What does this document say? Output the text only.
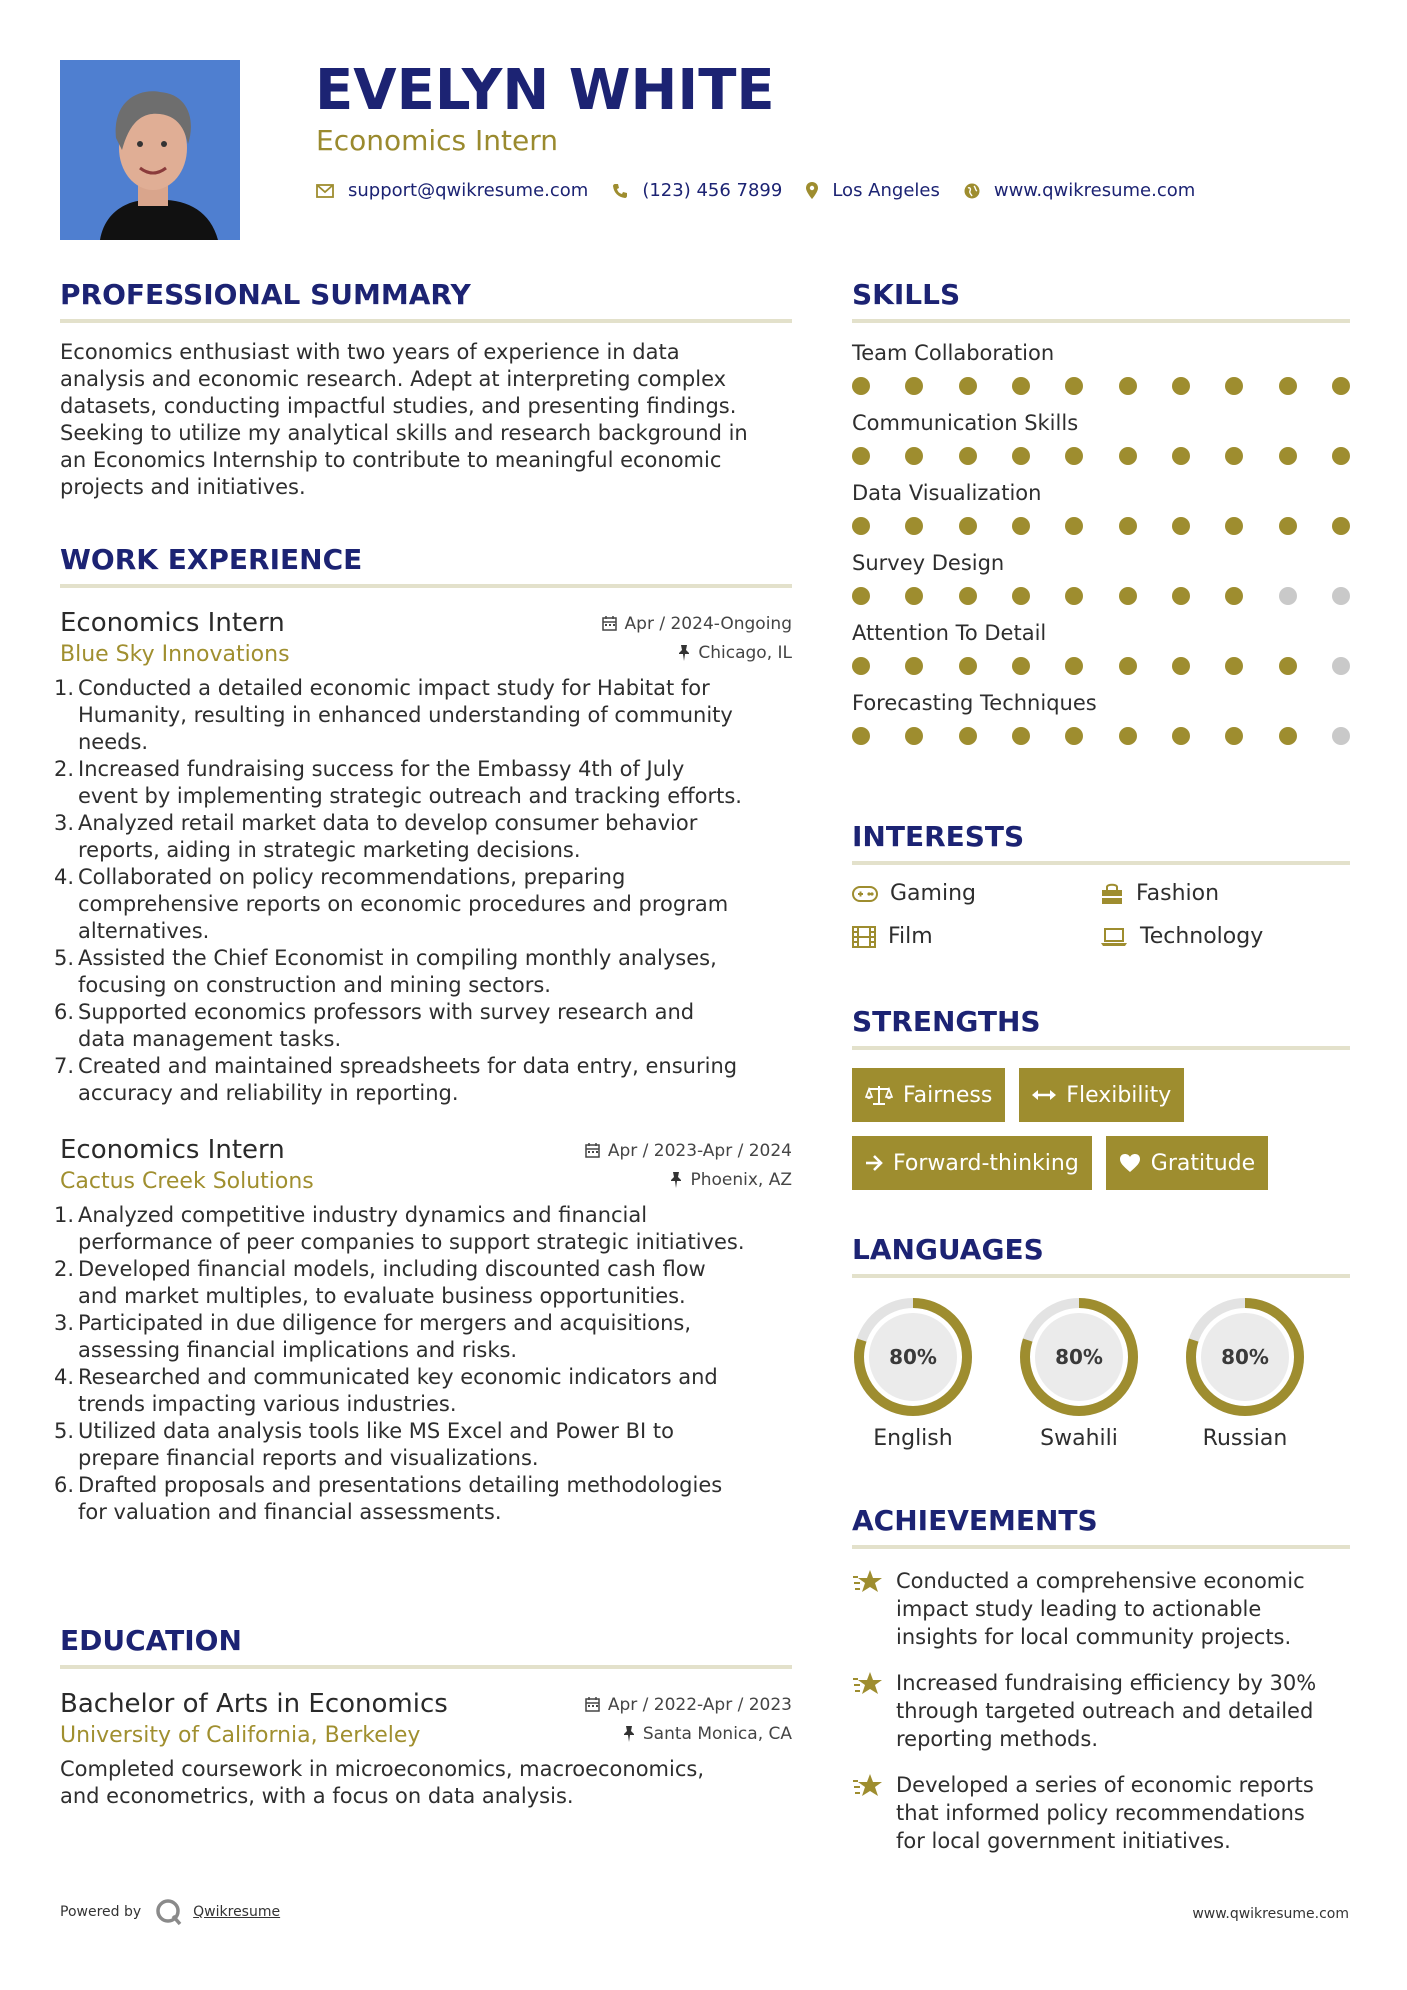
EVELYN WHITE
Economics Intern
support@qwikresume.com	(123) 456 7899	Los Angeles	www.qwikresume.com
PROFESSIONAL SUMMARY
Economics enthusiast with two years of experience in data
analysis and economic research. Adept at interpreting complex
datasets, conducting impactful studies, and presenting findings.
Seeking to utilize my analytical skills and research background in
an Economics Internship to contribute to meaningful economic
projects and initiatives.
WORK EXPERIENCE
Economics Intern	Apr / 2024-Ongoing
Blue Sky Innovations	Chicago, IL
1. Conducted a detailed economic impact study for Habitat for
Humanity, resulting in enhanced understanding of community
needs.
2. Increased fundraising success for the Embassy 4th of July
event by implementing strategic outreach and tracking efforts.
3. Analyzed retail market data to develop consumer behavior
reports, aiding in strategic marketing decisions.
4. Collaborated on policy recommendations, preparing
comprehensive reports on economic procedures and program
alternatives.
5. Assisted the Chief Economist in compiling monthly analyses,
focusing on construction and mining sectors.
6. Supported economics professors with survey research and
data management tasks.
7. Created and maintained spreadsheets for data entry, ensuring
accuracy and reliability in reporting.
Economics Intern	Apr / 2023-Apr / 2024
Cactus Creek Solutions	Phoenix, AZ
1. Analyzed competitive industry dynamics and financial
performance of peer companies to support strategic initiatives.
2. Developed financial models, including discounted cash flow
and market multiples, to evaluate business opportunities.
3. Participated in due diligence for mergers and acquisitions,
assessing financial implications and risks.
4. Researched and communicated key economic indicators and
trends impacting various industries.
5. Utilized data analysis tools like MS Excel and Power BI to
prepare financial reports and visualizations.
6. Drafted proposals and presentations detailing methodologies
for valuation and financial assessments.
EDUCATION
Bachelor of Arts in Economics	Apr / 2022-Apr / 2023
University of California, Berkeley	Santa Monica, CA
Completed coursework in microeconomics, macroeconomics,
and econometrics, with a focus on data analysis.
SKILLS
Team Collaboration
Communication Skills
Data Visualization
Survey Design
Attention To Detail
Forecasting Techniques
INTERESTS
Gaming	Fashion
Film	Technology
STRENGTHS
Fairness	Flexibility
Forward-thinking	Gratitude
LANGUAGES
80%
English
80%
Swahili
80%
Russian
ACHIEVEMENTS
Conducted a comprehensive economic
impact study leading to actionable
insights for local community projects.
Increased fundraising efficiency by 30%
through targeted outreach and detailed
reporting methods.
Developed a series of economic reports
that informed policy recommendations
for local government initiatives.
Powered by	Qwikresume	www.qwikresume.com
